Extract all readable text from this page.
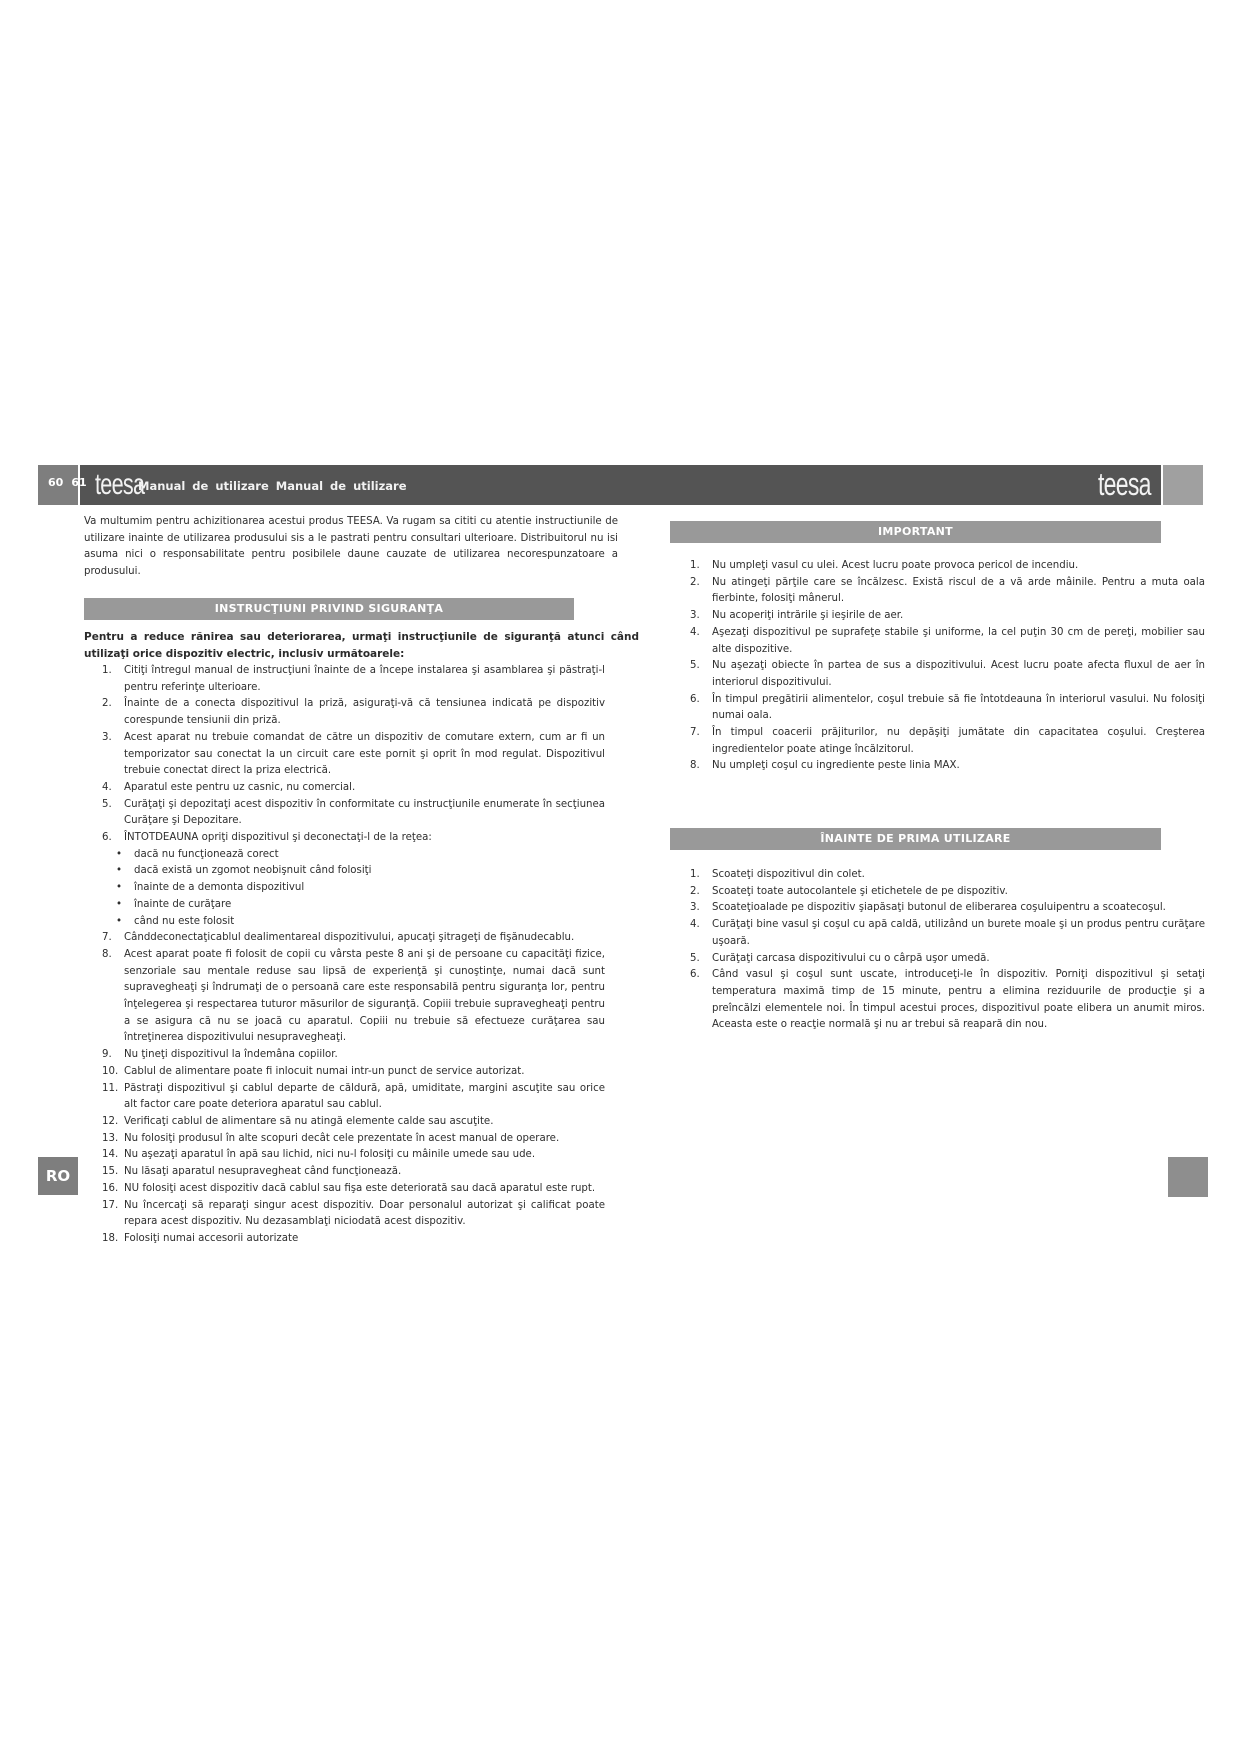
60 61 teesa
Manual de utilizare Manual de utilizare	teesa
RO
Va multumim pentru achizitionarea acestui produs TEESA. Va rugam sa cititi cu atentie instructiunile de utilizare inainte de utilizarea produsului sis a le pastrati pentru consultari ulterioare. Distribuitorul nu isi asuma nici o responsabilitate pentru posibilele daune cauzate de utilizarea necorespunzatoare a produsului.
INSTRUCŢIUNI PRIVIND SIGURANŢA
Pentru a reduce rănirea sau deteriorarea, urmaţi instrucţiunile de siguranţă atunci când utilizaţi orice dispozitiv electric, inclusiv următoarele:
1. Citiţi întregul manual de instrucţiuni înainte de a începe instalarea şi asamblarea şi păstraţi-l pentru referinţe ulterioare.
2. Înainte de a conecta dispozitivul la priză, asiguraţi-vă că tensiunea indicată pe dispozitiv corespunde tensiunii din priză.
3. Acest aparat nu trebuie comandat de către un dispozitiv de comutare extern, cum ar fi un temporizator sau conectat la un circuit care este pornit şi oprit în mod regulat. Dispozitivul trebuie conectat direct la priza electrică.
4. Aparatul este pentru uz casnic, nu comercial.
5. Curăţaţi şi depozitaţi acest dispozitiv în conformitate cu instrucţiunile enumerate în secţiunea Curăţare şi Depozitare.
6. ÎNTOTDEAUNA opriţi dispozitivul şi deconectaţi-l de la reţea:
• dacă nu funcţionează corect
• dacă există un zgomot neobişnuit când folosiţi
• înainte de a demonta dispozitivul
• înainte de curăţare
• când nu este folosit
7. Cânddeconectaţicablul dealimentareal dispozitivului, apucaţi şitrageţi de fişănudecablu.
8. Acest aparat poate fi folosit de copii cu vârsta peste 8 ani şi de persoane cu capacităţi fizice, senzoriale sau mentale reduse sau lipsă de experienţă şi cunoştinţe, numai dacă sunt supravegheaţi şi îndrumaţi de o persoană care este responsabilă pentru siguranţa lor, pentru înţelegerea şi respectarea tuturor măsurilor de siguranţă. Copiii trebuie supravegheaţi pentru a se asigura că nu se joacă cu aparatul. Copiii nu trebuie să efectueze curăţarea sau întreţinerea dispozitivului nesupravegheaţi.
9. Nu ţineţi dispozitivul la îndemâna copiilor.
10. Cablul de alimentare poate fi inlocuit numai intr-un punct de service autorizat.
11. Păstraţi dispozitivul şi cablul departe de căldură, apă, umiditate, margini ascuţite sau orice alt factor care poate deteriora aparatul sau cablul.
12. Verificaţi cablul de alimentare să nu atingă elemente calde sau ascuţite.
13. Nu folosiţi produsul în alte scopuri decât cele prezentate în acest manual de operare.
14. Nu aşezaţi aparatul în apă sau lichid, nici nu-l folosiţi cu mâinile umede sau ude.
15. Nu lăsaţi aparatul nesupravegheat când funcţionează.
16. NU folosiţi acest dispozitiv dacă cablul sau fişa este deteriorată sau dacă aparatul este rupt.
17. Nu încercaţi să reparaţi singur acest dispozitiv. Doar personalul autorizat şi calificat poate repara acest dispozitiv. Nu dezasamblaţi niciodată acest dispozitiv.
18. Folosiţi numai accesorii autorizate
IMPORTANT
1. Nu umpleţi vasul cu ulei. Acest lucru poate provoca pericol de incendiu.
2. Nu atingeţi părţile care se încălzesc. Există riscul de a vă arde mâinile. Pentru a muta oala fierbinte, folosiţi mânerul.
3. Nu acoperiţi intrările şi ieşirile de aer.
4. Aşezaţi dispozitivul pe suprafeţe stabile şi uniforme, la cel puţin 30 cm de pereţi, mobilier sau alte dispozitive.
5. Nu aşezaţi obiecte în partea de sus a dispozitivului. Acest lucru poate afecta fluxul de aer în interiorul dispozitivului.
6. În timpul pregătirii alimentelor, coşul trebuie să fie întotdeauna în interiorul vasului. Nu folosiţi numai oala.
7. În timpul coacerii prăjiturilor, nu depăşiţi jumătate din capacitatea coşului. Creşterea ingredientelor poate atinge încălzitorul.
8. Nu umpleţi coşul cu ingrediente peste linia MAX.
ÎNAINTE DE PRIMA UTILIZARE
1. Scoateţi dispozitivul din colet.
2. Scoateţi toate autocolantele şi etichetele de pe dispozitiv.
3. Scoateţioalade pe dispozitiv şiapăsaţi butonul de eliberarea coşuluipentru a scoatecoşul.
4. Curăţaţi bine vasul şi coşul cu apă caldă, utilizând un burete moale şi un produs pentru curăţare uşoară.
5. Curăţaţi carcasa dispozitivului cu o cârpă uşor umedă.
6. Când vasul şi coşul sunt uscate, introduceţi-le în dispozitiv. Porniţi dispozitivul şi setaţi temperatura maximă timp de 15 minute, pentru a elimina reziduurile de producţie şi a preîncălzi elementele noi. În timpul acestui proces, dispozitivul poate elibera un anumit miros. Aceasta este o reacţie normală şi nu ar trebui să reapară din nou.
